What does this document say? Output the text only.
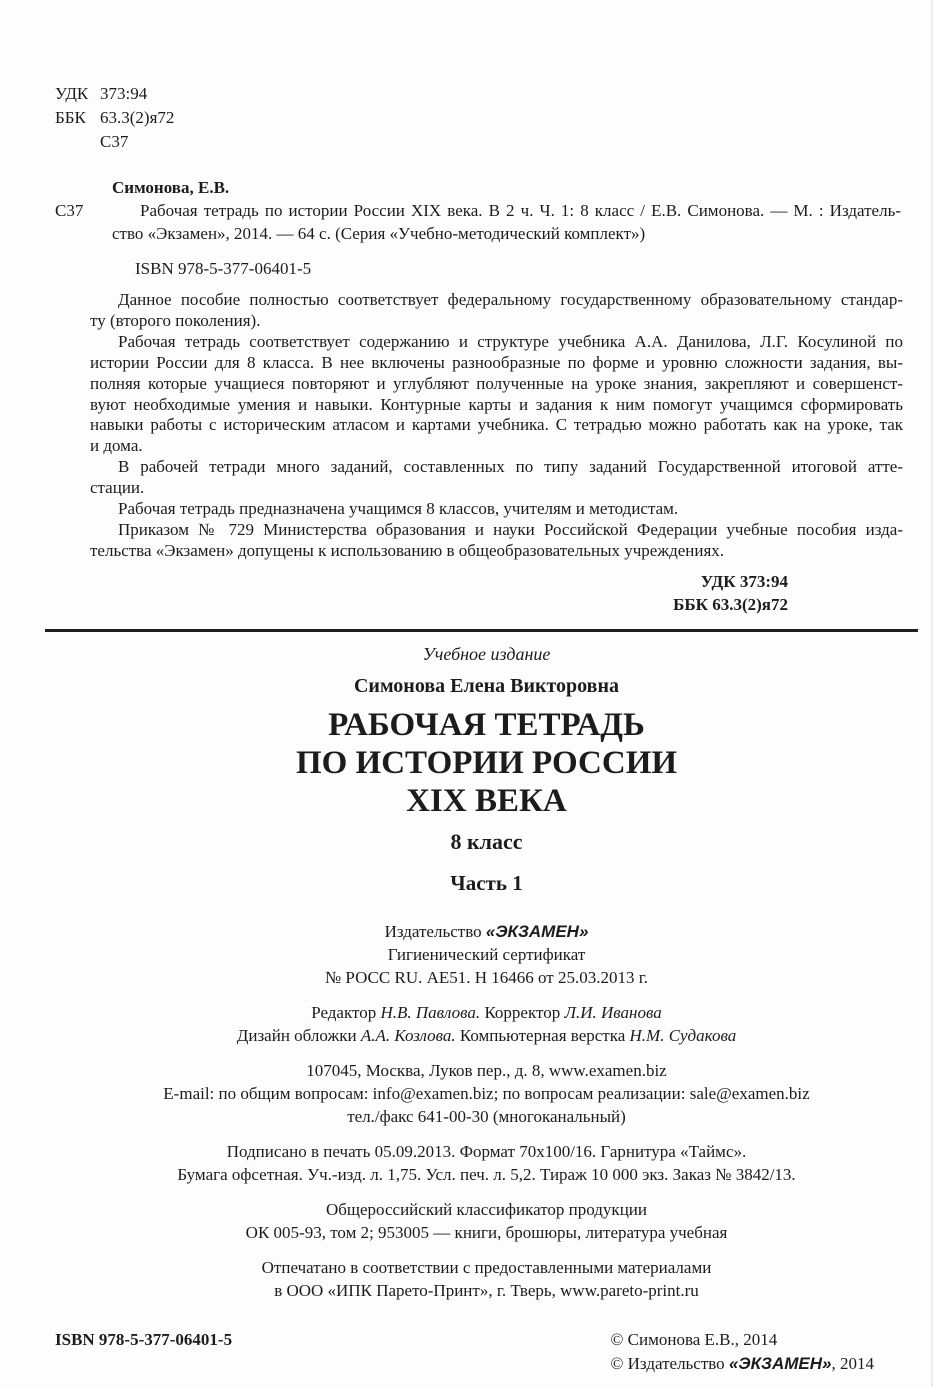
УДК 373:94
ББК 63.3(2)я72
С37
С37
Симонова, Е.В.
Рабочая тетрадь по истории России XIX века. В 2 ч. Ч. 1: 8 класс / Е.В. Симонова. — М. : Издатель-
ство «Экзамен», 2014. — 64 с. (Серия «Учебно-методический комплект»)
ISBN 978-5-377-06401-5
Данное пособие полностью соответствует федеральному государственному образовательному стандар-
ту (второго поколения).
Рабочая тетрадь соответствует содержанию и структуре учебника А.А. Данилова, Л.Г. Косулиной по
истории России для 8 класса. В нее включены разнообразные по форме и уровню сложности задания, вы-
полняя которые учащиеся повторяют и углубляют полученные на уроке знания, закрепляют и совершенст-
вуют необходимые умения и навыки. Контурные карты и задания к ним помогут учащимся сформировать
навыки работы с историческим атласом и картами учебника. С тетрадью можно работать как на уроке, так
и дома.
В рабочей тетради много заданий, составленных по типу заданий Государственной итоговой атте-
стации.
Рабочая тетрадь предназначена учащимся 8 классов, учителям и методистам.
Приказом № 729 Министерства образования и науки Российской Федерации учебные пособия изда-
тельства «Экзамен» допущены к использованию в общеобразовательных учреждениях.
УДК 373:94
ББК 63.3(2)я72
Учебное издание
Симонова Елена Викторовна
РАБОЧАЯ ТЕТРАДЬ
ПО ИСТОРИИ РОССИИ
XIX ВЕКА
8 класс
Часть 1
Издательство «ЭКЗАМЕН»
Гигиенический сертификат
№ РОСС RU. АЕ51. Н 16466 от 25.03.2013 г.
Редактор Н.В. Павлова. Корректор Л.И. Иванова
Дизайн обложки А.А. Козлова. Компьютерная верстка Н.М. Судакова
107045, Москва, Луков пер., д. 8, www.examen.biz
E-mail: по общим вопросам: info@examen.biz; по вопросам реализации: sale@examen.biz
тел./факс 641-00-30 (многоканальный)
Подписано в печать 05.09.2013. Формат 70х100/16. Гарнитура «Таймс».
Бумага офсетная. Уч.-изд. л. 1,75. Усл. печ. л. 5,2. Тираж 10 000 экз. Заказ № 3842/13.
Общероссийский классификатор продукции
ОК 005-93, том 2; 953005 — книги, брошюры, литература учебная
Отпечатано в соответствии с предоставленными материалами
в ООО «ИПК Парето-Принт», г. Тверь, www.pareto-print.ru
ISBN 978-5-377-06401-5	© Симонова Е.В., 2014
© Издательство «ЭКЗАМЕН», 2014
